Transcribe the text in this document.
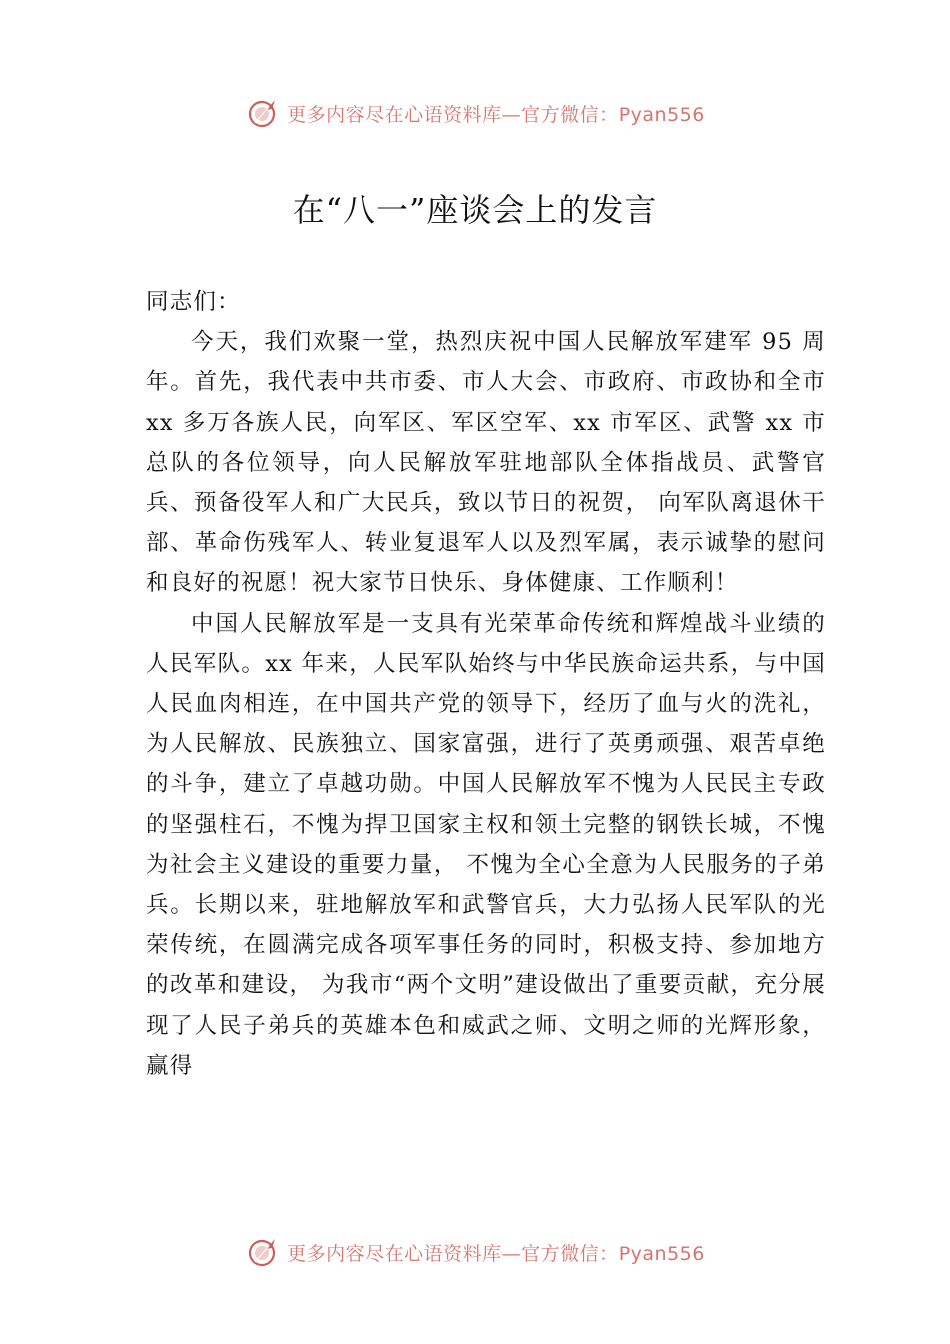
更多内容尽在心语资料库—官方微信：Pyan556
在“八一”座谈会上的发言

同志们：

今天，我们欢聚一堂，热烈庆祝中国人民解放军建军 95 周年。首先，我代表中共市委、市人大会、市政府、市政协和全市 xx 多万各族人民，向军区、军区空军、xx 市军区、武警 xx 市总队的各位领导，向人民解放军驻地部队全体指战员、武警官兵、预备役军人和广大民兵，致以节日的祝贺， 向军队离退休干部、革命伤残军人、转业复退军人以及烈军属，表示诚挚的慰问和良好的祝愿！祝大家节日快乐、身体健康、工作顺利！

中国人民解放军是一支具有光荣革命传统和辉煌战斗业绩的人民军队。xx 年来，人民军队始终与中华民族命运共系，与中国人民血肉相连，在中国共产党的领导下，经历了血与火的洗礼，为人民解放、民族独立、国家富强，进行了英勇顽强、艰苦卓绝的斗争，建立了卓越功勋。中国人民解放军不愧为人民民主专政的坚强柱石，不愧为捍卫国家主权和领土完整的钢铁长城，不愧为社会主义建设的重要力量， 不愧为全心全意为人民服务的子弟兵。长期以来，驻地解放军和武警官兵，大力弘扬人民军队的光荣传统，在圆满完成各项军事任务的同时，积极支持、参加地方的改革和建设， 为我市“两个文明”建设做出了重要贡献，充分展现了人民子弟兵的英雄本色和威武之师、文明之师的光辉形象，赢得

更多内容尽在心语资料库—官方微信：Pyan556
